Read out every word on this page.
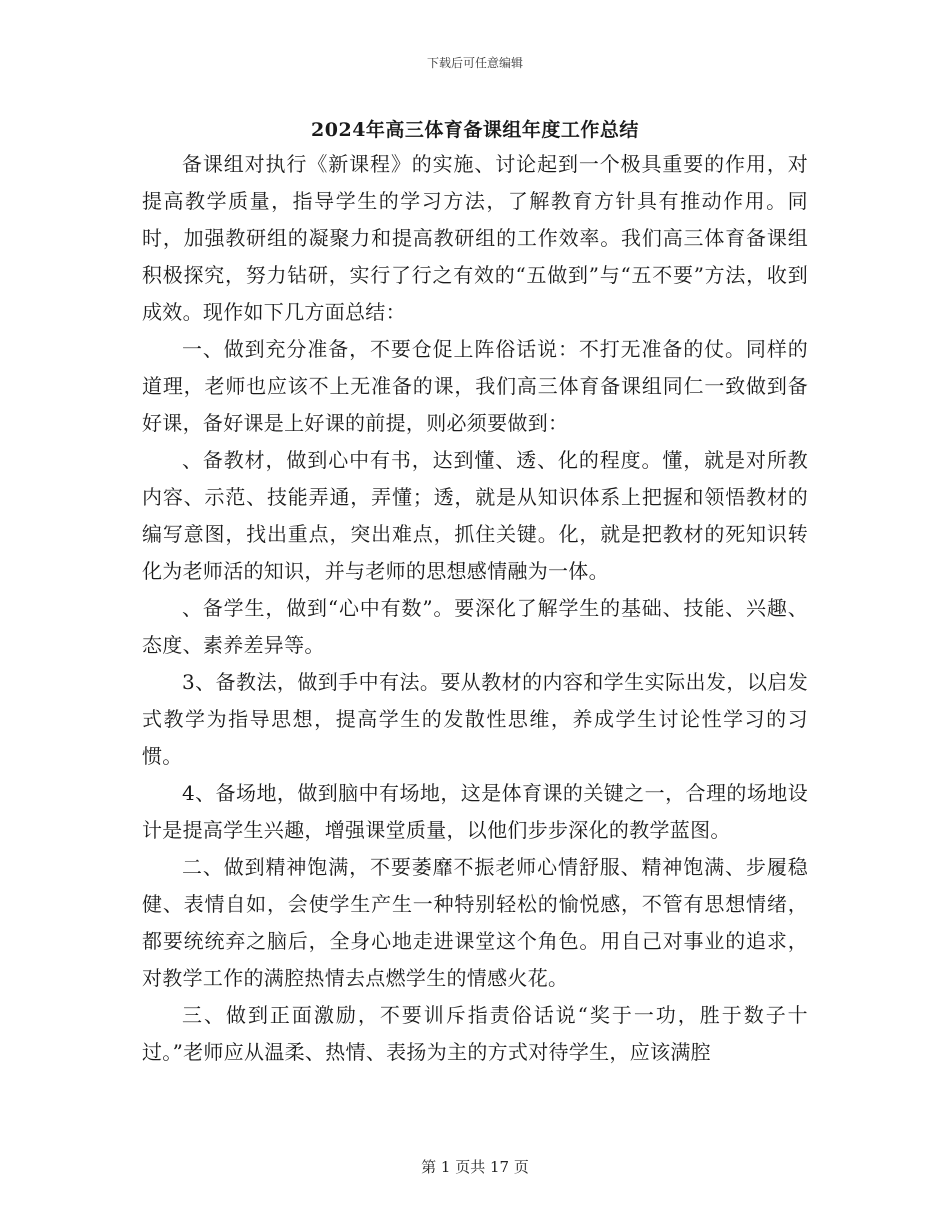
下载后可任意编辑
2024年高三体育备课组年度工作总结

备课组对执行《新课程》的实施、讨论起到一个极具重要的作用，对提高教学质量，指导学生的学习方法，了解教育方针具有推动作用。同时，加强教研组的凝聚力和提高教研组的工作效率。我们高三体育备课组积极探究，努力钻研，实行了行之有效的“五做到”与“五不要”方法，收到成效。现作如下几方面总结：

一、做到充分准备，不要仓促上阵俗话说：不打无准备的仗。同样的道理，老师也应该不上无准备的课，我们高三体育备课组同仁一致做到备好课，备好课是上好课的前提，则必须要做到：

、备教材，做到心中有书，达到懂、透、化的程度。懂，就是对所教内容、示范、技能弄通，弄懂；透，就是从知识体系上把握和领悟教材的编写意图，找出重点，突出难点，抓住关键。化，就是把教材的死知识转化为老师活的知识，并与老师的思想感情融为一体。

、备学生，做到“心中有数”。要深化了解学生的基础、技能、兴趣、态度、素养差异等。

3、备教法，做到手中有法。要从教材的内容和学生实际出发，以启发式教学为指导思想，提高学生的发散性思维，养成学生讨论性学习的习惯。

4、备场地，做到脑中有场地，这是体育课的关键之一，合理的场地设计是提高学生兴趣，增强课堂质量，以他们步步深化的教学蓝图。

二、做到精神饱满，不要萎靡不振老师心情舒服、精神饱满、步履稳健、表情自如，会使学生产生一种特别轻松的愉悦感，不管有思想情绪，都要统统弃之脑后，全身心地走进课堂这个角色。用自己对事业的追求，对教学工作的满腔热情去点燃学生的情感火花。

三、做到正面激励，不要训斥指责俗话说“奖于一功，胜于数子十过。”老师应从温柔、热情、表扬为主的方式对待学生，应该满腔

第 1 页共 17 页
